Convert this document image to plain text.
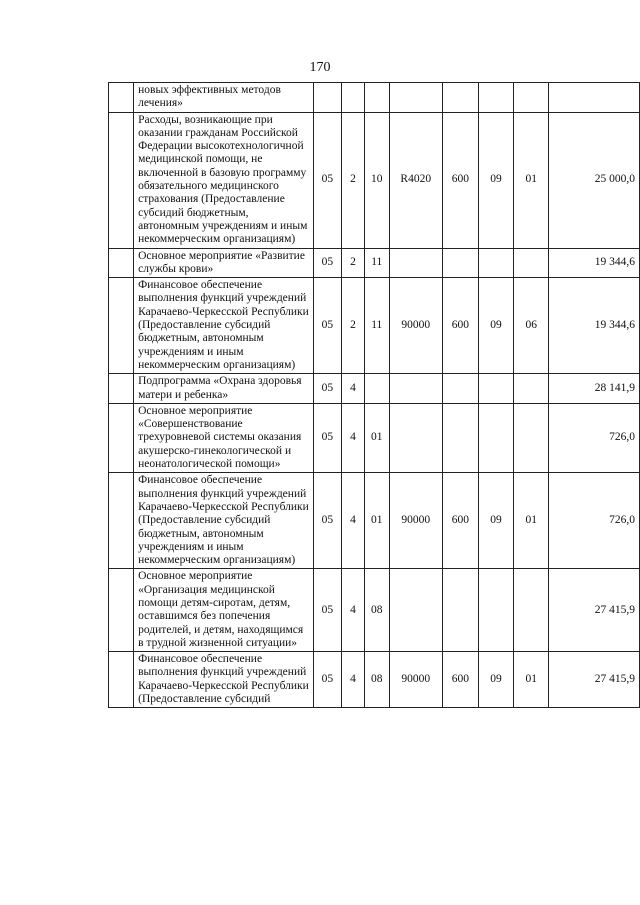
170
	новых эффективных методов лечения»								
	Расходы, возникающие при оказании гражданам Российской Федерации высокотехнологичной медицинской помощи, не включенной в базовую программу обязательного медицинского страхования (Предоставление субсидий бюджетным, автономным учреждениям и иным некоммерческим организациям)	05	2	10	R4020	600	09	01	25 000,0
	Основное мероприятие «Развитие службы крови»	05	2	11					19 344,6
	Финансовое обеспечение выполнения функций учреждений Карачаево-Черкесской Республики (Предоставление субсидий бюджетным, автономным учреждениям и иным некоммерческим организациям)	05	2	11	90000	600	09	06	19 344,6
	Подпрограмма «Охрана здоровья матери и ребенка»	05	4						28 141,9
	Основное мероприятие «Совершенствование трехуровневой системы оказания акушерско-гинекологической и неонатологической помощи»	05	4	01					726,0
	Финансовое обеспечение выполнения функций учреждений Карачаево-Черкесской Республики (Предоставление субсидий бюджетным, автономным учреждениям и иным некоммерческим организациям)	05	4	01	90000	600	09	01	726,0
	Основное мероприятие «Организация медицинской помощи детям-сиротам, детям, оставшимся без попечения родителей, и детям, находящимся в трудной жизненной ситуации»	05	4	08					27 415,9
	Финансовое обеспечение выполнения функций учреждений Карачаево-Черкесской Республики (Предоставление субсидий	05	4	08	90000	600	09	01	27 415,9
